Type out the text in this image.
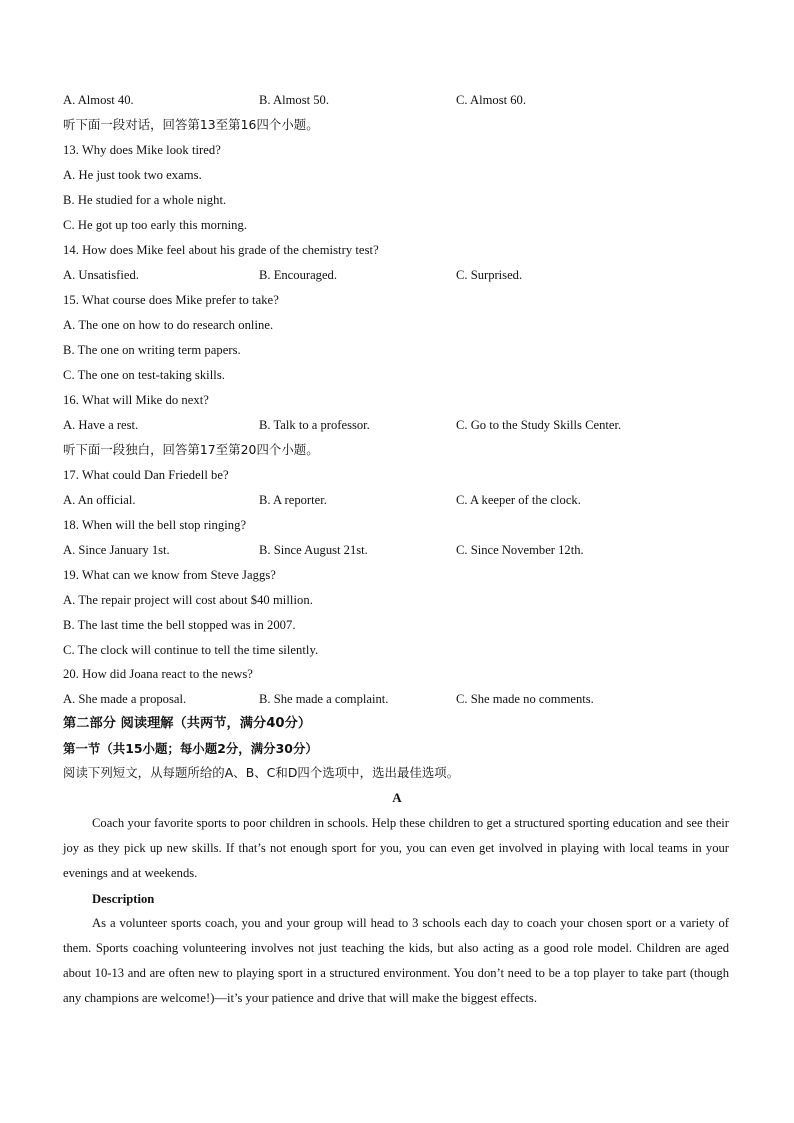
A. Almost 40.	B. Almost 50.	C. Almost 60.
听下面一段对话，回答第13至第16四个小题。
13. Why does Mike look tired?
A. He just took two exams.
B. He studied for a whole night.
C. He got up too early this morning.
14. How does Mike feel about his grade of the chemistry test?
A. Unsatisfied.	B. Encouraged.	C. Surprised.
15. What course does Mike prefer to take?
A. The one on how to do research online.
B. The one on writing term papers.
C. The one on test-taking skills.
16. What will Mike do next?
A. Have a rest.	B. Talk to a professor.	C. Go to the Study Skills Center.
听下面一段独白，回答第17至第20四个小题。
17. What could Dan Friedell be?
A. An official.	B. A reporter.	C. A keeper of the clock.
18. When will the bell stop ringing?
A. Since January 1st.	B. Since August 21st.	C. Since November 12th.
19. What can we know from Steve Jaggs?
A. The repair project will cost about $40 million.
B. The last time the bell stopped was in 2007.
C. The clock will continue to tell the time silently.
20. How did Joana react to the news?
A. She made a proposal.	B. She made a complaint.	C. She made no comments.
第二部分 阅读理解（共两节，满分40分）
第一节（共15小题；每小题2分，满分30分）
阅读下列短文，从每题所给的A、B、C和D四个选项中，选出最佳选项。
A
Coach your favorite sports to poor children in schools. Help these children to get a structured sporting education and see their joy as they pick up new skills. If that’s not enough sport for you, you can even get involved in playing with local teams in your evenings and at weekends.
Description
As a volunteer sports coach, you and your group will head to 3 schools each day to coach your chosen sport or a variety of them. Sports coaching volunteering involves not just teaching the kids, but also acting as a good role model. Children are aged about 10-13 and are often new to playing sport in a structured environment. You don’t need to be a top player to take part (though any champions are welcome!)—it’s your patience and drive that will make the biggest effects.
